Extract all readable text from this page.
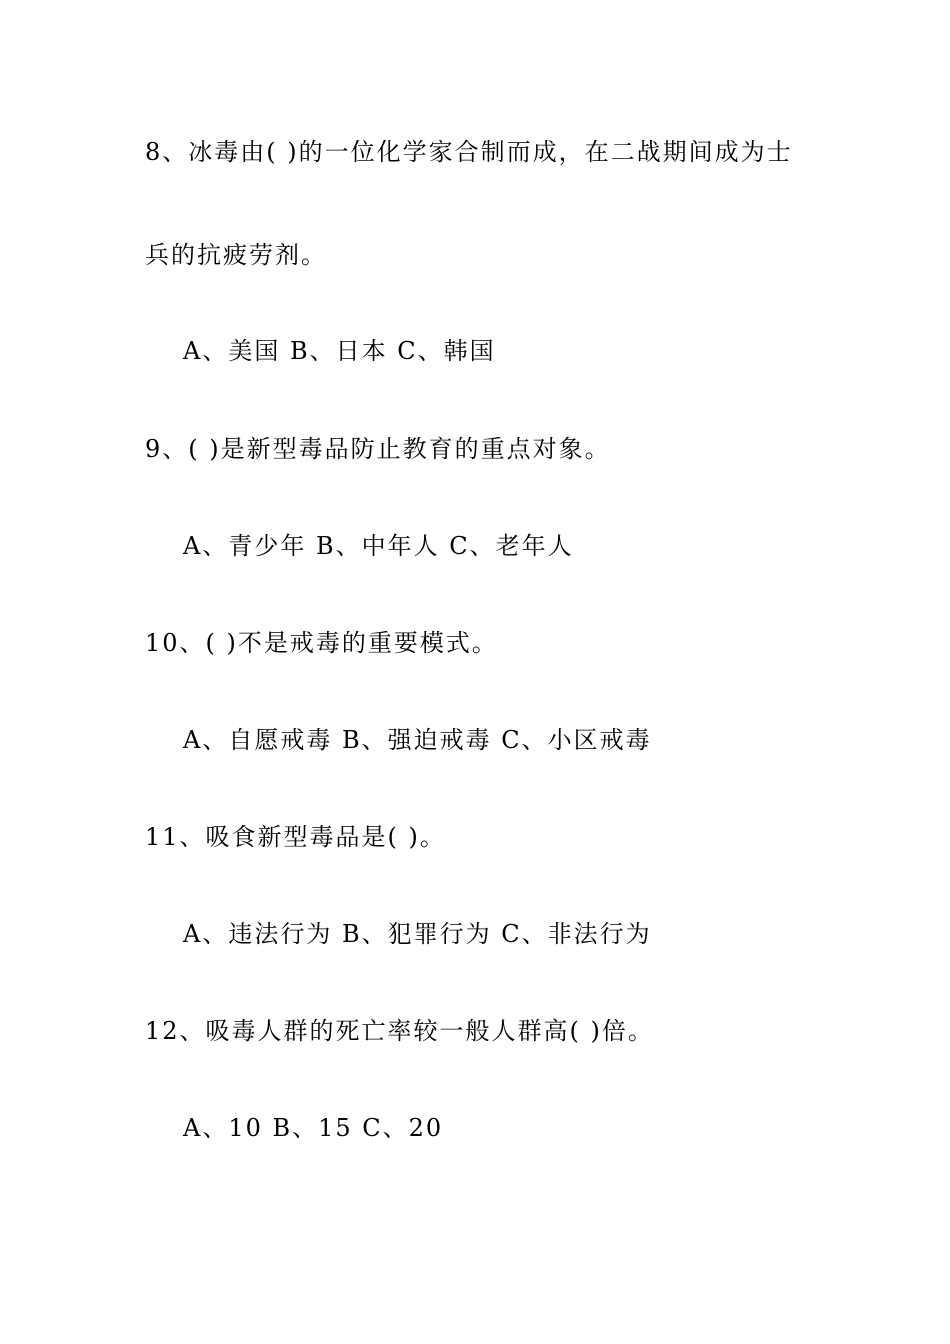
8、冰毒由( )的一位化学家合制而成，在二战期间成为士
兵的抗疲劳剂。
A、美国 B、日本 C、韩国
9、( )是新型毒品防止教育的重点对象。
A、青少年 B、中年人 C、老年人
10、( )不是戒毒的重要模式。
A、自愿戒毒 B、强迫戒毒 C、小区戒毒
11、吸食新型毒品是( )。
A、违法行为 B、犯罪行为 C、非法行为
12、吸毒人群的死亡率较一般人群高( )倍。
A、10 B、15 C、20
